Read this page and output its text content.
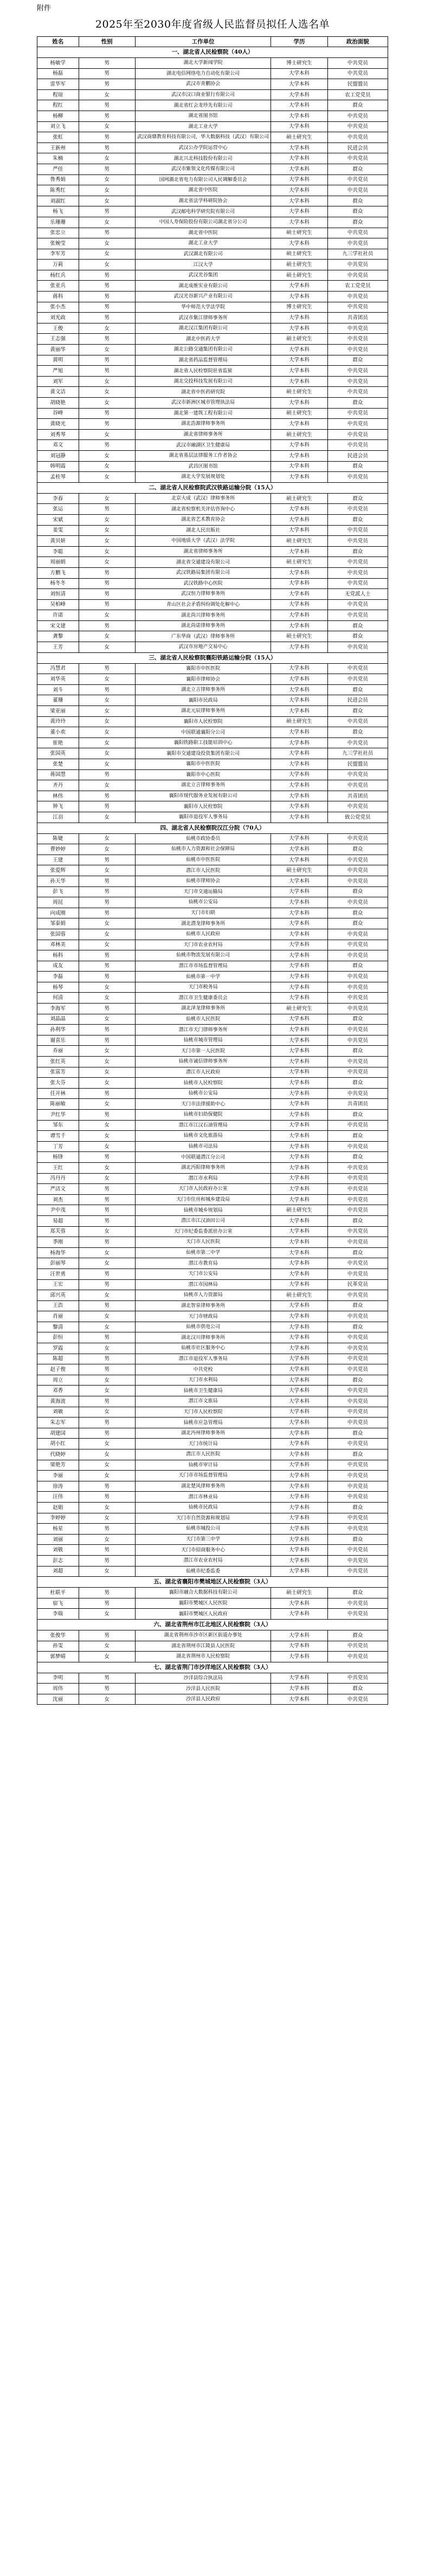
附件
2025年至2030年度省级人民监督员拟任人选名单
姓名	性别	工作单位	学历	政治面貌
一、湖北省人民检察院（40人）				
杨敏学	男	湖北大学新闻学院	博士研究生	中共党员
杨磊	男	湖北电信网络电力自动化有限公司	大学本科	中共党员
雷华军	男	武汉市青鹏协会	大学本科	民盟盟员
程琼	女	武汉市汉口商业银行有限公司	大学本科	农工党党员
程红	男	湖北省红会龙珍先有限公司	大学本科	群众
杨柳	男	湖北省图书馆	大学本科	中共党员
刘立飞	女	湖北工业大学	大学本科	中共党员
张虹	男	武汉商鼎教育科技有限公司，华大数据科技（武汉）有限公司	硕士研究生	中共党员
王新州	男	武汉公办学院运营中心	大学本科	民进会员
朱楠	女	湖北兴北科技股份有限公司	大学本科	中共党员
严佳	男	武汉市紫领文化传媒有限公司	大学本科	群众
鲁秀娟	女	国网湖北省电力有限公司人民调解委员会	大学本科	中共党员
陈秀红	女	湖北省中医院	大学本科	中共党员
刘淑红	女	湖北省法学科研院协会	大学本科	群众
杨飞	男	武汉邮电科学研究院有限公司	大学本科	群众
乐珊珊	女	中国人寿保险股份有限公司湖北省分公司	大学本科	群众
张忠立	男	湖北省中医院	硕士研究生	中共党员
张婉莹	女	湖北工业大学	大学本科	中共党员
李军芳	女	武汉湖北有限公司	硕士研究生	九三学社社员
万莉	女	江汉大学	硕士研究生	中共党员
杨红兵	男	武汉光谷集团	硕士研究生	中共党员
张亚兵	男	湖北成维实业有限公司	大学本科	农工党党员
蒋科	男	武汉光谷新兴产业有限公司	大学本科	中共党员
张小杰	男	华中师范大学法学院	博士研究生	中共党员
刘光政	男	武汉市紫江律师事务所	大学本科	共青团员
王俊	女	湖北汉江集团有限公司	大学本科	中共党员
王志强	男	湖北中医药大学	硕士研究生	中共党员
黄丽华	女	湖北公路交通集团有限公司	大学本科	中共党员
黄明	男	湖北省药品监督管理局	大学本科	群众
严旭	男	湖北省人民检察院驻省监狱	大学本科	中共党员
刘军	女	湖北交投科技发展有限公司	大学本科	中共党员
黄文洁	女	湖北省中医药研究院	硕士研究生	中共党员
胡晓艳	女	武汉市新洲区城市管理执法局	大学本科	群众
谷峰	男	湖北第一建筑工程有限公司	硕士研究生	中共党员
黄晓光	男	湖北浩源律师事务所	大学本科	中共党员
刘秀琴	女	湖北省律师事务所	硕士研究生	中共党员
邓文	男	武汉市融湖区卫生健康局	大学本科	中共党员
刘冠静	女	湖北省基层法律服务工作者协会	大学本科	民进会员
韩明霞	女	武昌区图书馆	大学本科	群众
孟桂琴	女	湖北大学发展规划处	大学本科	中共党员
二、湖北省人民检察院武汉铁路运输分院（15人）				
李春	女	北京大成（武汉）律师事务所	硕士研究生	群众
张运	男	湖北省检察机关评估咨询中心	大学本科	中共党员
宋斌	女	湖北省艺术教育协会	大学本科	群众
姜雯	女	湖北人民出版社	大学本科	中共党员
黄贝妍	女	中国地质大学（武汉）法学院	硕士研究生	中共党员
李聪	女	湖北省律师事务所	大学本科	群众
周丽娟	女	湖北省交通建设有限公司	硕士研究生	中共党员
方鹏飞	男	武汉铁路局集团有限公司	大学本科	中共党员
杨冬冬	男	武汉铁路中心医院	大学本科	中共党员
刘恒清	男	武汉恒力律师事务所	大学本科	无党派人士
吴柏峰	男	青山区社会矛盾纠纷调处化解中心	大学本科	中共党员
许诺	女	湖北尚兴律师事务所	大学本科	中共党员
宋文建	男	湖北尚诺律师事务所	大学本科	群众
龚黎	女	广东华商（武汉）律师事务所	硕士研究生	群众
王芳	女	武汉市房地产交易中心	大学本科	中共党员
三、湖北省人民检察院襄阳铁路运输分院（15人）				
冯慧君	男	襄阳市中医医院	大学本科	中共党员
刘华英	女	襄阳市律师协会	大学本科	中共党员
刘斗	男	湖北立言律师事务所	大学本科	群众
董珊	女	襄阳市民政局	大学本科	民进会员
梁亚丽	女	湖北元辰律师事务所	大学本科	群众
黄玲玲	女	襄阳市人民检察院	硕士研究生	中共党员
董小欢	女	中国联通襄阳分公司	大学本科	群众
崔艳	女	襄阳铁路职工技能培训中心	大学本科	中共党员
张国英	女	襄阳市交通建设投资集团有限公司	大学本科	九三学社社员
张楚	女	襄阳市中医医院	大学本科	民盟盟员
蒋国慧	男	襄阳市中心医院	大学本科	中共党员
齐丹	女	湖北立言律师事务所	大学本科	中共党员
林伟	男	襄阳市现代服务业发展有限公司	大学本科	共青团员
钟飞	男	襄阳市人民检察院	大学本科	中共党员
江羽	女	襄阳市退役军人事务局	大学本科	致公党党员
四、湖北省人民检察院汉江分院（70人）				
陈婕	女	仙桃市政协委员	大学本科	中共党员
曹妙婷	女	仙桃市人力资源和社会保障局	大学本科	群众
王建	男	仙桃市中医医院	大学本科	中共党员
张爱辉	女	潜江市人民医院	硕士研究生	中共党员
孙天华	男	仙桃市律师协会	大学本科	中共党员
彭飞	男	天门市交通运输局	大学本科	群众
周昆	男	仙桃市公安局	大学本科	中共党员
向成刚	男	天门市妇联	大学本科	群众
邹泰娟	女	湖北潜龙律师事务所	大学本科	群众
张国蓉	女	仙桃市人民政府	大学本科	中共党员
邓林美	女	天门市农业农村局	大学本科	中共党员
杨科	男	仙桃市物流发展有限公司	大学本科	中共党员
成友	男	潜江市市场监督管理局	大学本科	群众
李磊	男	仙桃市第一中学	大学本科	中共党员
杨琴	女	天门市税务局	大学本科	中共党员
何清	女	潜江市卫生健康委员会	大学本科	中共党员
李海军	男	湖北泽龙律师事务所	硕士研究生	中共党员
刘晶晶	女	仙桃市人民医院	大学本科	群众
孙利华	男	潜江市天门律师事务所	大学本科	中共党员
谢喜乐	男	仙桃市城市管理局	大学本科	中共党员
乔丽	女	天门市第一人民医院	大学本科	群众
张红英	女	仙桃市诚信律师事务所	大学本科	中共党员
张富芳	女	潜江市人民政府	大学本科	中共党员
张大芬	女	仙桃市人民检察院	大学本科	群众
任开林	男	仙桃市公安局	大学本科	中共党员
陈丽敏	女	天门市法律援助中心	大学本科	共青团员
尹红华	男	仙桃市妇幼保健院	大学本科	群众
邹东	女	潜江市江汉石油管理局	大学本科	中共党员
谭雪千	女	仙桃市文化旅游局	大学本科	群众
丁芳	女	仙桃市司法局	大学本科	中共党员
杨锋	男	中国联通潜江分公司	大学本科	群众
王红	女	湖北沔阳律师事务所	大学本科	中共党员
冯丹丹	女	潜江市水利局	大学本科	中共党员
严洁文	男	天门市人民政府办公室	大学本科	中共党员
刘杰	男	天门市住房和城乡建设局	大学本科	中共党员
尹中茂	男	仙桃市城乡规划局	硕士研究生	中共党员
易超	男	潜江市江汉油田公司	大学本科	群众
郑芙蓉	女	天门市纪委监委派驻办公室	大学本科	中共党员
季刚	男	天门市人民医院	大学本科	中共党员
杨海华	女	仙桃市第二中学	大学本科	群众
彭丽琴	女	潜江市教育局	大学本科	中共党员
汪世勇	男	天门市公安局	大学本科	中共党员
王宏	男	潜江市园林局	大学本科	民革党员
邱兴英	女	仙桃市人力资源局	硕士研究生	中共党员
王浩	男	湖北智泉律师事务所	大学本科	群众
肖丽	女	天门市财政局	大学本科	中共党员
黎清	女	仙桃市供电公司	大学本科	群众
彭恒	男	湖北汉川律师事务所	大学本科	中共党员
罗霞	女	仙桃市社区服务中心	大学本科	中共党员
陈超	男	潜江市退役军人事务局	大学本科	中共党员
赵子俊	男	中共党校	大学本科	中共党员
周立	女	天门市水利局	大学本科	群众
邓香	女	仙桃市卫生健康局	大学本科	中共党员
黄海波	男	潜江市文旅局	大学本科	中共党员
刘敏	女	天门市人民检察院	大学本科	中共党员
朱志军	男	仙桃市应急管理局	大学本科	中共党员
胡建国	男	湖北沔州律师事务所	大学本科	群众
胡小红	女	天门市统计局	大学本科	中共党员
代晓婷	女	潜江市人民医院	大学本科	群众
梁艳芳	女	仙桃市审计局	大学本科	中共党员
李丽	女	天门市市场监督管理局	大学本科	中共党员
徐涛	男	湖北楚风律师事务所	大学本科	中共党员
汪伟	男	潜江市林业局	大学本科	中共党员
赵娟	女	仙桃市民政局	大学本科	群众
李婷婷	女	天门市自然资源和规划局	大学本科	中共党员
杨星	男	仙桃市城投公司	大学本科	中共党员
刘丽	女	天门市第三中学	大学本科	群众
刘敬	男	天门市招商服务中心	大学本科	中共党员
彭志	男	潜江市农业农村局	大学本科	中共党员
刘超	女	仙桃市纪委监委	大学本科	中共党员
五、湖北省襄阳市樊城地区人民检察院（3人）				
杜联平	男	襄阳市融合大数据科技有限公司	硕士研究生	群众
宿飞	男	襄阳市樊城区人民医院	大学本科	中共党员
李瑞	女	襄阳市樊城区人民政府	大学本科	中共党员
六、湖北省荆州市江北地区人民检察院（3人）				
张俊华	男	湖北省荆州市沙市区新区街道办事处	大学本科	群众
孙雯	女	湖北省荆州市江陵县人民医院	大学本科	中共党员
郭梦晴	女	湖北省荆州市人民检察院	大学本科	中共党员
七、湖北省荆门市沙洋地区人民检察院（3人）				
李明	男	沙洋县综合执法局	大学本科	中共党员
周伟	男	沙洋县人民医院	大学本科	群众
沈丽	女	沙洋县人民政府	大学本科	中共党员
